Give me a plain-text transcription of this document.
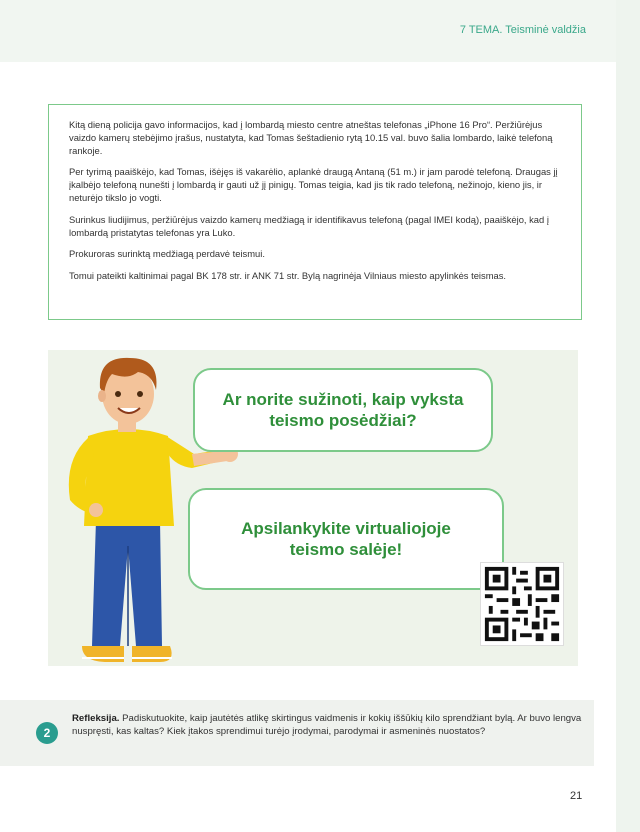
7 TEMA. Teisminė valdžia

Kitą dieną policija gavo informacijos, kad į lombardą miesto centre atneštas telefonas „iPhone 16 Pro“. Peržiūrėjus vaizdo kamerų stebėjimo įrašus, nustatyta, kad Tomas šeštadienio rytą 10.15 val. buvo šalia lombardo, laikė telefoną rankoje.

Per tyrimą paaiškėjo, kad Tomas, išėjęs iš vakarėlio, aplankė draugą Antaną (51 m.) ir jam parodė telefoną. Draugas jį įkalbėjo telefoną nunešti į lombardą ir gauti už jį pinigų. Tomas teigia, kad jis tik rado telefoną, nežinojo, kieno jis, ir neturėjo tikslo jo vogti.

Surinkus liudijimus, peržiūrėjus vaizdo kamerų medžiagą ir identifikavus telefoną (pagal IMEI kodą), paaiškėjo, kad į lombardą pristatytas telefonas yra Luko.

Prokuroras surinktą medžiagą perdavė teismui.

Tomui pateikti kaltinimai pagal BK 178 str. ir ANK 71 str. Bylą nagrinėja Vilniaus miesto apylinkės teismas.

Ar norite sužinoti, kaip vyksta
teismo posėdžiai?
Apsilankykite virtualiojoje
teismo salėje!
2
Refleksija. Padiskutuokite, kaip jautėtės atlikę skirtingus vaidmenis ir kokių iššūkių kilo sprendžiant bylą. Ar buvo lengva nuspręsti, kas kaltas? Kiek įtakos sprendimui turėjo įrodymai, parodymai ir asmeninės nuostatos?
21
